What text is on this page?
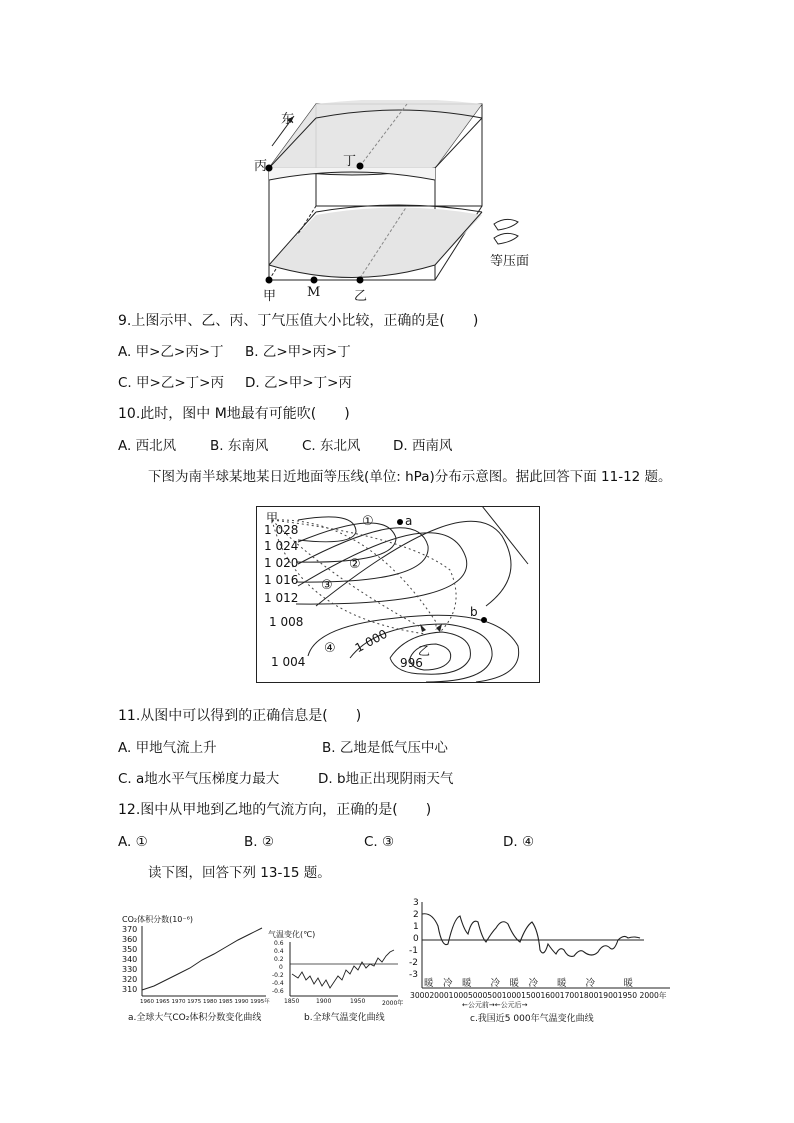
东
丙	丁
甲 M	乙
等压面
9.上图示甲、乙、丙、丁气压值大小比较，正确的是(　　)
A. 甲>乙>丙>丁 B. 乙>甲>丙>丁
C. 甲>乙>丁>丙 D. 乙>甲>丁>丙
10.此时，图中 M地最有可能吹(　　)
A. 西北风	B. 东南风 C. 东北风 D. 西南风
下图为南半球某地某日近地面等压线(单位: hPa)分布示意图。据此回答下面 11-12 题。
甲
乙
a
b
①
②
③
④
1 028
1 024
1 020
1 016
1 012
1 008
1 004
1 000
996
11.从图中可以得到的正确信息是(　　)
A. 甲地气流上升	B. 乙地是低气压中心
C. a地水平气压梯度力最大	D. b地正出现阴雨天气
12.图中从甲地到乙地的气流方向，正确的是(　　)
A. ①	B. ②	C. ③	D. ④
读下图，回答下列 13-15 题。
CO₂体积分数(10⁻⁶)
370
360
350
340
330
320
310
1960 1965 1970 1975 1980 1985 1990 1995年
a.全球大气CO₂体积分数变化曲线
气温变化(℃)
0.6
0.4
0.2
0
-0.2
-0.4
-0.6
1850	1900	1950	2000年
b.全球气温变化曲线
3
2
1
0
-1
-2
-3
暖　冷　暖　　冷　暖　冷　　暖　　冷　　　暖
30002000100050005001000150016001700180019001950 2000年
←公元前→←公元后→
c.我国近5 000年气温变化曲线
